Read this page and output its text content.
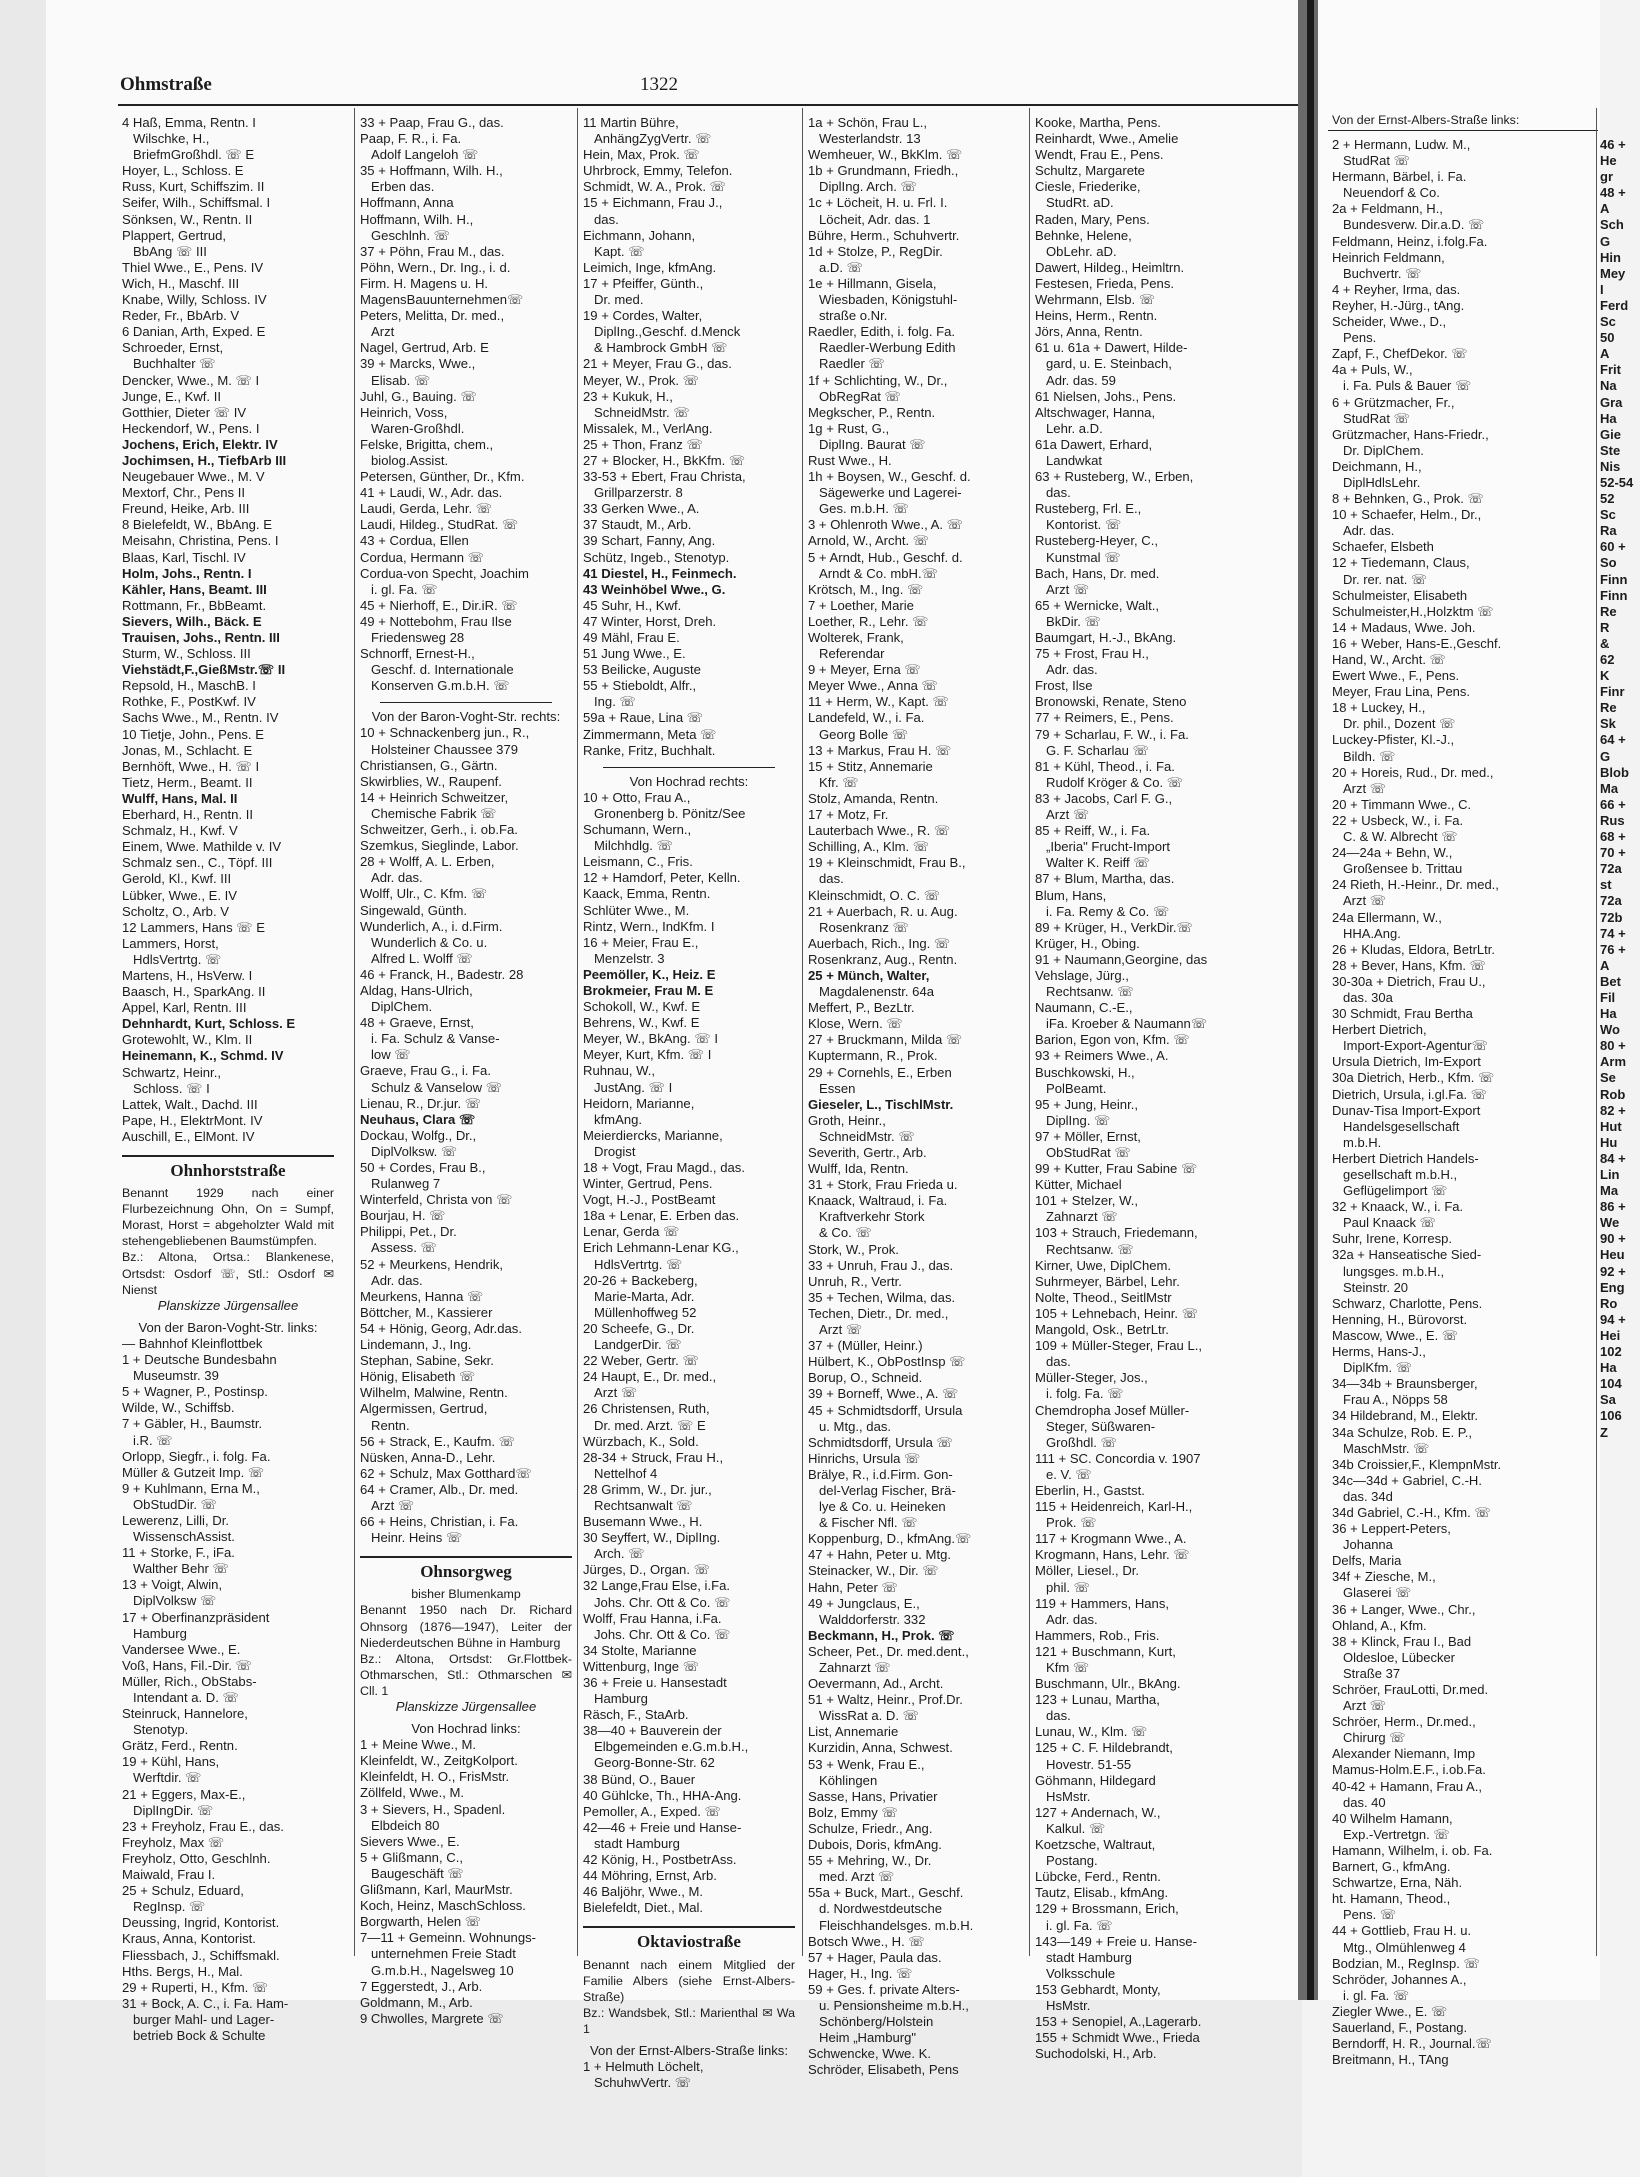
Ohmstraße	1322
4 Haß, Emma, Rentn. I
Wilschke, H.,
BriefmGroßhdl. ☏ E
Hoyer, L., Schloss. E
Russ, Kurt, Schiffszim. II
Seifer, Wilh., Schiffsmal. I
Sönksen, W., Rentn. II
Plappert, Gertrud,
BbAng ☏ III
Thiel Wwe., E., Pens. IV
Wich, H., Maschf. III
Knabe, Willy, Schloss. IV
Reder, Fr., BbArb. V
6 Danian, Arth, Exped. E
Schroeder, Ernst,
Buchhalter ☏
Dencker, Wwe., M. ☏ I
Junge, E., Kwf. II
Gotthier, Dieter ☏ IV
Heckendorf, W., Pens. I
Jochens, Erich, Elektr. IV
Jochimsen, H., TiefbArb III
Neugebauer Wwe., M. V
Mextorf, Chr., Pens II
Freund, Heike, Arb. III
8 Bielefeldt, W., BbAng. E
Meisahn, Christina, Pens. I
Blaas, Karl, Tischl. IV
Holm, Johs., Rentn. I
Kähler, Hans, Beamt. III
Rottmann, Fr., BbBeamt.
Sievers, Wilh., Bäck. E
Trauisen, Johs., Rentn. III
Sturm, W., Schloss. III
Viehstädt,F.,GießMstr.☏ II
Repsold, H., MaschB. I
Rothke, F., PostKwf. IV
Sachs Wwe., M., Rentn. IV
10 Tietje, John., Pens. E
Jonas, M., Schlacht. E
Bernhöft, Wwe., H. ☏ I
Tietz, Herm., Beamt. II
Wulff, Hans, Mal. II
Eberhard, H., Rentn. II
Schmalz, H., Kwf. V
Einem, Wwe. Mathilde v. IV
Schmalz sen., C., Töpf. III
Gerold, Kl., Kwf. III
Lübker, Wwe., E. IV
Scholtz, O., Arb. V
12 Lammers, Hans ☏ E
Lammers, Horst,
HdlsVertrtg. ☏
Martens, H., HsVerw. I
Baasch, H., SparkAng. II
Appel, Karl, Rentn. III
Dehnhardt, Kurt, Schloss. E
Grotewohlt, W., Klm. II
Heinemann, K., Schmd. IV
Schwartz, Heinr.,
Schloss. ☏ I
Lattek, Walt., Dachd. III
Pape, H., ElektrMont. IV
Auschill, E., ElMont. IV
Ohnhorststraße
Benannt 1929 nach einer Flurbezeichnung Ohn, On = Sumpf, Morast, Horst = abgeholzter Wald mit stehengebliebenen Baumstümpfen.
Bz.: Altona, Ortsa.: Blankenese, Ortsdst: Osdorf ☏, Stl.: Osdorf ✉ Nienst
Planskizze Jürgensallee
Von der Baron-Voght-Str. links:
— Bahnhof Kleinflottbek
1 + Deutsche Bundesbahn
Museumstr. 39
5 + Wagner, P., Postinsp.
Wilde, W., Schiffsb.
7 + Gäbler, H., Baumstr.
i.R. ☏
Orlopp, Siegfr., i. folg. Fa.
Müller & Gutzeit Imp. ☏
9 + Kuhlmann, Erna M.,
ObStudDir. ☏
Lewerenz, Lilli, Dr.
WissenschAssist.
11 + Storke, F., iFa.
Walther Behr ☏
13 + Voigt, Alwin,
DiplVolksw ☏
17 + Oberfinanzpräsident
Hamburg
Vandersee Wwe., E.
Voß, Hans, Fil.-Dir. ☏
Müller, Rich., ObStabs-
Intendant a. D. ☏
Steinruck, Hannelore,
Stenotyp.
Grätz, Ferd., Rentn.
19 + Kühl, Hans,
Werftdir. ☏
21 + Eggers, Max-E.,
DiplIngDir. ☏
23 + Freyholz, Frau E., das.
Freyholz, Max ☏
Freyholz, Otto, Geschlnh.
Maiwald, Frau I.
25 + Schulz, Eduard,
RegInsp. ☏
Deussing, Ingrid, Kontorist.
Kraus, Anna, Kontorist.
Fliessbach, J., Schiffsmakl.
Hths. Bergs, H., Mal.
29 + Ruperti, H., Kfm. ☏
31 + Bock, A. C., i. Fa. Ham-
burger Mahl- und Lager-
betrieb Bock & Schulte
33 + Paap, Frau G., das.
Paap, F. R., i. Fa.
Adolf Langeloh ☏
35 + Hoffmann, Wilh. H.,
Erben das.
Hoffmann, Anna
Hoffmann, Wilh. H.,
Geschlnh. ☏
37 + Pöhn, Frau M., das.
Pöhn, Wern., Dr. Ing., i. d.
Firm. H. Magens u. H.
MagensBauunternehmen☏
Peters, Melitta, Dr. med.,
Arzt
Nagel, Gertrud, Arb. E
39 + Marcks, Wwe.,
Elisab. ☏
Juhl, G., Bauing. ☏
Heinrich, Voss,
Waren-Großhdl.
Felske, Brigitta, chem.,
biolog.Assist.
Petersen, Günther, Dr., Kfm.
41 + Laudi, W., Adr. das.
Laudi, Gerda, Lehr. ☏
Laudi, Hildeg., StudRat. ☏
43 + Cordua, Ellen
Cordua, Hermann ☏
Cordua-von Specht, Joachim
i. gl. Fa. ☏
45 + Nierhoff, E., Dir.iR. ☏
49 + Nottebohm, Frau Ilse
Friedensweg 28
Schnorff, Ernest-H.,
Geschf. d. Internationale
Konserven G.m.b.H. ☏
Von der Baron-Voght-Str. rechts:
10 + Schnackenberg jun., R.,
Holsteiner Chaussee 379
Christiansen, G., Gärtn.
Skwirblies, W., Raupenf.
14 + Heinrich Schweitzer,
Chemische Fabrik ☏
Schweitzer, Gerh., i. ob.Fa.
Szemkus, Sieglinde, Labor.
28 + Wolff, A. L. Erben,
Adr. das.
Wolff, Ulr., C. Kfm. ☏
Singewald, Günth.
Wunderlich, A., i. d.Firm.
Wunderlich & Co. u.
Alfred L. Wolff ☏
46 + Franck, H., Badestr. 28
Aldag, Hans-Ulrich,
DiplChem.
48 + Graeve, Ernst,
i. Fa. Schulz & Vanse-
low ☏
Graeve, Frau G., i. Fa.
Schulz & Vanselow ☏
Lienau, R., Dr.jur. ☏
Neuhaus, Clara ☏
Dockau, Wolfg., Dr.,
DiplVolksw. ☏
50 + Cordes, Frau B.,
Rulanweg 7
Winterfeld, Christa von ☏
Bourjau, H. ☏
Philippi, Pet., Dr.
Assess. ☏
52 + Meurkens, Hendrik,
Adr. das.
Meurkens, Hanna ☏
Böttcher, M., Kassierer
54 + Hönig, Georg, Adr.das.
Lindemann, J., Ing.
Stephan, Sabine, Sekr.
Hönig, Elisabeth ☏
Wilhelm, Malwine, Rentn.
Algermissen, Gertrud,
Rentn.
56 + Strack, E., Kaufm. ☏
Nüsken, Anna-D., Lehr.
62 + Schulz, Max Gotthard☏
64 + Cramer, Alb., Dr. med.
Arzt ☏
66 + Heins, Christian, i. Fa.
Heinr. Heins ☏
Ohnsorgweg
bisher Blumenkamp
Benannt 1950 nach Dr. Richard Ohnsorg (1876—1947), Leiter der Niederdeutschen Bühne in Hamburg
Bz.: Altona, Ortsdst: Gr.Flottbek-Othmarschen, Stl.: Othmarschen ✉ Cll. 1
Planskizze Jürgensallee
Von Hochrad links:
1 + Meine Wwe., M.
Kleinfeldt, W., ZeitgKolport.
Kleinfeldt, H. O., FrisMstr.
Zöllfeld, Wwe., M.
3 + Sievers, H., Spadenl.
Elbdeich 80
Sievers Wwe., E.
5 + Glißmann, C.,
Baugeschäft ☏
Glißmann, Karl, MaurMstr.
Koch, Heinz, MaschSchloss.
Borgwarth, Helen ☏
7—11 + Gemeinn. Wohnungs-
unternehmen Freie Stadt
G.m.b.H., Nagelsweg 10
7 Eggerstedt, J., Arb.
Goldmann, M., Arb.
9 Chwolles, Margrete ☏
11 Martin Bühre,
AnhängZygVertr. ☏
Hein, Max, Prok. ☏
Uhrbrock, Emmy, Telefon.
Schmidt, W. A., Prok. ☏
15 + Eichmann, Frau J.,
das.
Eichmann, Johann,
Kapt. ☏
Leimich, Inge, kfmAng.
17 + Pfeiffer, Günth.,
Dr. med.
19 + Cordes, Walter,
DiplIng.,Geschf. d.Menck
& Hambrock GmbH ☏
21 + Meyer, Frau G., das.
Meyer, W., Prok. ☏
23 + Kukuk, H.,
SchneidMstr. ☏
Missalek, M., VerlAng.
25 + Thon, Franz ☏
27 + Blocker, H., BkKfm. ☏
33-53 + Ebert, Frau Christa,
Grillparzerstr. 8
33 Gerken Wwe., A.
37 Staudt, M., Arb.
39 Schart, Fanny, Ang.
Schütz, Ingeb., Stenotyp.
41 Diestel, H., Feinmech.
43 Weinhöbel Wwe., G.
45 Suhr, H., Kwf.
47 Winter, Horst, Dreh.
49 Mähl, Frau E.
51 Jung Wwe., E.
53 Beilicke, Auguste
55 + Stieboldt, Alfr.,
Ing. ☏
59a + Raue, Lina ☏
Zimmermann, Meta ☏
Ranke, Fritz, Buchhalt.
Von Hochrad rechts:
10 + Otto, Frau A.,
Gronenberg b. Pönitz/See
Schumann, Wern.,
Milchhdlg. ☏
Leismann, C., Fris.
12 + Hamdorf, Peter, Kelln.
Kaack, Emma, Rentn.
Schlüter Wwe., M.
Rintz, Wern., IndKfm. I
16 + Meier, Frau E.,
Menzelstr. 3
Peemöller, K., Heiz. E
Brokmeier, Frau M. E
Schokoll, W., Kwf. E
Behrens, W., Kwf. E
Meyer, W., BkAng. ☏ I
Meyer, Kurt, Kfm. ☏ I
Ruhnau, W.,
JustAng. ☏ I
Heidorn, Marianne,
kfmAng.
Meierdiercks, Marianne,
Drogist
18 + Vogt, Frau Magd., das.
Winter, Gertrud, Pens.
Vogt, H.-J., PostBeamt
18a + Lenar, E. Erben das.
Lenar, Gerda ☏
Erich Lehmann-Lenar KG.,
HdlsVertrtg. ☏
20-26 + Backeberg,
Marie-Marta, Adr.
Müllenhoffweg 52
20 Scheefe, G., Dr.
LandgerDir. ☏
22 Weber, Gertr. ☏
24 Haupt, E., Dr. med.,
Arzt ☏
26 Christensen, Ruth,
Dr. med. Arzt. ☏ E
Würzbach, K., Sold.
28-34 + Struck, Frau H.,
Nettelhof 4
28 Grimm, W., Dr. jur.,
Rechtsanwalt ☏
Busemann Wwe., H.
30 Seyffert, W., DiplIng.
Arch. ☏
Jürges, D., Organ. ☏
32 Lange,Frau Else, i.Fa.
Johs. Chr. Ott & Co. ☏
Wolff, Frau Hanna, i.Fa.
Johs. Chr. Ott & Co. ☏
34 Stolte, Marianne
Wittenburg, Inge ☏
36 + Freie u. Hansestadt
Hamburg
Räsch, F., StaArb.
38—40 + Bauverein der
Elbgemeinden e.G.m.b.H.,
Georg-Bonne-Str. 62
38 Bünd, O., Bauer
40 Gühlcke, Th., HHA-Ang.
Pemoller, A., Exped. ☏
42—46 + Freie und Hanse-
stadt Hamburg
42 König, H., PostbetrAss.
44 Möhring, Ernst, Arb.
46 Baljöhr, Wwe., M.
Bielefeldt, Diet., Mal.
Oktaviostraße
Benannt nach einem Mitglied der Familie Albers (siehe Ernst-Albers-Straße)
Bz.: Wandsbek, Stl.: Marienthal ✉ Wa 1
Von der Ernst-Albers-Straße links:
1 + Helmuth Löchelt,
SchuhwVertr. ☏
1a + Schön, Frau L.,
Westerlandstr. 13
Wemheuer, W., BkKlm. ☏
1b + Grundmann, Friedh.,
DiplIng. Arch. ☏
1c + Löcheit, H. u. Frl. I.
Löcheit, Adr. das. 1
Bühre, Herm., Schuhvertr.
1d + Stolze, P., RegDir.
a.D. ☏
1e + Hillmann, Gisela,
Wiesbaden, Königstuhl-
straße o.Nr.
Raedler, Edith, i. folg. Fa.
Raedler-Werbung Edith
Raedler ☏
1f + Schlichting, W., Dr.,
ObRegRat ☏
Megkscher, P., Rentn.
1g + Rust, G.,
DiplIng. Baurat ☏
Rust Wwe., H.
1h + Boysen, W., Geschf. d.
Sägewerke und Lagerei-
Ges. m.b.H. ☏
3 + Ohlenroth Wwe., A. ☏
Arnold, W., Archt. ☏
5 + Arndt, Hub., Geschf. d.
Arndt & Co. mbH.☏
Krötsch, M., Ing. ☏
7 + Loether, Marie
Loether, R., Lehr. ☏
Wolterek, Frank,
Referendar
9 + Meyer, Erna ☏
Meyer Wwe., Anna ☏
11 + Herm, W., Kapt. ☏
Landefeld, W., i. Fa.
Georg Bolle ☏
13 + Markus, Frau H. ☏
15 + Stitz, Annemarie
Kfr. ☏
Stolz, Amanda, Rentn.
17 + Motz, Fr.
Lauterbach Wwe., R. ☏
Schilling, A., Klm. ☏
19 + Kleinschmidt, Frau B.,
das.
Kleinschmidt, O. C. ☏
21 + Auerbach, R. u. Aug.
Rosenkranz ☏
Auerbach, Rich., Ing. ☏
Rosenkranz, Aug., Rentn.
25 + Münch, Walter,
Magdalenenstr. 64a
Meffert, P., BezLtr.
Klose, Wern. ☏
27 + Bruckmann, Milda ☏
Kuptermann, R., Prok.
29 + Cornehls, E., Erben
Essen
Gieseler, L., TischlMstr.
Groth, Heinr.,
SchneidMstr. ☏
Severith, Gertr., Arb.
Wulff, Ida, Rentn.
31 + Stork, Frau Frieda u.
Knaack, Waltraud, i. Fa.
Kraftverkehr Stork
& Co. ☏
Stork, W., Prok.
33 + Unruh, Frau J., das.
Unruh, R., Vertr.
35 + Techen, Wilma, das.
Techen, Dietr., Dr. med.,
Arzt ☏
37 + (Müller, Heinr.)
Hülbert, K., ObPostInsp ☏
Borup, O., Schneid.
39 + Borneff, Wwe., A. ☏
45 + Schmidtsdorff, Ursula
u. Mtg., das.
Schmidtsdorff, Ursula ☏
Hinrichs, Ursula ☏
Brälye, R., i.d.Firm. Gon-
del-Verlag Fischer, Brä-
lye & Co. u. Heineken
& Fischer Nfl. ☏
Koppenburg, D., kfmAng.☏
47 + Hahn, Peter u. Mtg.
Steinacker, W., Dir. ☏
Hahn, Peter ☏
49 + Jungclaus, E.,
Walddorferstr. 332
Beckmann, H., Prok. ☏
Scheer, Pet., Dr. med.dent.,
Zahnarzt ☏
Oevermann, Ad., Archt.
51 + Waltz, Heinr., Prof.Dr.
WissRat a. D. ☏
List, Annemarie
Kurzidin, Anna, Schwest.
53 + Wenk, Frau E.,
Köhlingen
Sasse, Hans, Privatier
Bolz, Emmy ☏
Schulze, Friedr., Ang.
Dubois, Doris, kfmAng.
55 + Mehring, W., Dr.
med. Arzt ☏
55a + Buck, Mart., Geschf.
d. Nordwestdeutsche
Fleischhandelsges. m.b.H.
Botsch Wwe., H. ☏
57 + Hager, Paula das.
Hager, H., Ing. ☏
59 + Ges. f. private Alters-
u. Pensionsheime m.b.H.,
Schönberg/Holstein
Heim „Hamburg"
Schwencke, Wwe. K.
Schröder, Elisabeth, Pens
Kooke, Martha, Pens.
Reinhardt, Wwe., Amelie
Wendt, Frau E., Pens.
Schultz, Margarete
Ciesle, Friederike,
StudRt. aD.
Raden, Mary, Pens.
Behnke, Helene,
ObLehr. aD.
Dawert, Hildeg., Heimltrn.
Festesen, Frieda, Pens.
Wehrmann, Elsb. ☏
Heins, Herm., Rentn.
Jörs, Anna, Rentn.
61 u. 61a + Dawert, Hilde-
gard, u. E. Steinbach,
Adr. das. 59
61 Nielsen, Johs., Pens.
Altschwager, Hanna,
Lehr. a.D.
61a Dawert, Erhard,
Landwkat
63 + Rusteberg, W., Erben,
das.
Rusteberg, Frl. E.,
Kontorist. ☏
Rusteberg-Heyer, C.,
Kunstmal ☏
Bach, Hans, Dr. med.
Arzt ☏
65 + Wernicke, Walt.,
BkDir. ☏
Baumgart, H.-J., BkAng.
75 + Frost, Frau H.,
Adr. das.
Frost, Ilse
Bronowski, Renate, Steno
77 + Reimers, E., Pens.
79 + Scharlau, F. W., i. Fa.
G. F. Scharlau ☏
81 + Kühl, Theod., i. Fa.
Rudolf Kröger & Co. ☏
83 + Jacobs, Carl F. G.,
Arzt ☏
85 + Reiff, W., i. Fa.
„Iberia" Frucht-Import
Walter K. Reiff ☏
87 + Blum, Martha, das.
Blum, Hans,
i. Fa. Remy & Co. ☏
89 + Krüger, H., VerkDir.☏
Krüger, H., Obing.
91 + Naumann,Georgine, das
Vehslage, Jürg.,
Rechtsanw. ☏
Naumann, C.-E.,
iFa. Kroeber & Naumann☏
Barion, Egon von, Kfm. ☏
93 + Reimers Wwe., A.
Buschkowski, H.,
PolBeamt.
95 + Jung, Heinr.,
DiplIng. ☏
97 + Möller, Ernst,
ObStudRat ☏
99 + Kutter, Frau Sabine ☏
Kütter, Michael
101 + Stelzer, W.,
Zahnarzt ☏
103 + Strauch, Friedemann,
Rechtsanw. ☏
Kirner, Uwe, DiplChem.
Suhrmeyer, Bärbel, Lehr.
Nolte, Theod., SeitlMstr
105 + Lehnebach, Heinr. ☏
Mangold, Osk., BetrLtr.
109 + Müller-Steger, Frau L.,
das.
Müller-Steger, Jos.,
i. folg. Fa. ☏
Chemdropha Josef Müller-
Steger, Süßwaren-
Großhdl. ☏
111 + SC. Concordia v. 1907
e. V. ☏
Eberlin, H., Gastst.
115 + Heidenreich, Karl-H.,
Prok. ☏
117 + Krogmann Wwe., A.
Krogmann, Hans, Lehr. ☏
Möller, Liesel., Dr.
phil. ☏
119 + Hammers, Hans,
Adr. das.
Hammers, Rob., Fris.
121 + Buschmann, Kurt,
Kfm ☏
Buschmann, Ulr., BkAng.
123 + Lunau, Martha,
das.
Lunau, W., Klm. ☏
125 + C. F. Hildebrandt,
Hovestr. 51-55
Göhmann, Hildegard
HsMstr.
127 + Andernach, W.,
Kalkul. ☏
Koetzsche, Waltraut,
Postang.
Lübcke, Ferd., Rentn.
Tautz, Elisab., kfmAng.
129 + Brossmann, Erich,
i. gl. Fa. ☏
143—149 + Freie u. Hanse-
stadt Hamburg
Volksschule
153 Gebhardt, Monty,
HsMstr.
153 + Senopiel, A.,Lagerarb.
155 + Schmidt Wwe., Frieda
Suchodolski, H., Arb.
Von der Ernst-Albers-Straße links:
2 + Hermann, Ludw. M.,
StudRat ☏
Hermann, Bärbel, i. Fa.
Neuendorf & Co.
2a + Feldmann, H.,
Bundesverw. Dir.a.D. ☏
Feldmann, Heinz, i.folg.Fa.
Heinrich Feldmann,
Buchvertr. ☏
4 + Reyher, Irma, das.
Reyher, H.-Jürg., tAng.
Scheider, Wwe., D.,
Pens.
Zapf, F., ChefDekor. ☏
4a + Puls, W.,
i. Fa. Puls & Bauer ☏
6 + Grützmacher, Fr.,
StudRat ☏
Grützmacher, Hans-Friedr.,
Dr. DiplChem.
Deichmann, H.,
DiplHdlsLehr.
8 + Behnken, G., Prok. ☏
10 + Schaefer, Helm., Dr.,
Adr. das.
Schaefer, Elsbeth
12 + Tiedemann, Claus,
Dr. rer. nat. ☏
Schulmeister, Elisabeth
Schulmeister,H.,Holzktm ☏
14 + Madaus, Wwe. Joh.
16 + Weber, Hans-E.,Geschf.
Hand, W., Archt. ☏
Ewert Wwe., F., Pens.
Meyer, Frau Lina, Pens.
18 + Luckey, H.,
Dr. phil., Dozent ☏
Luckey-Pfister, Kl.-J.,
Bildh. ☏
20 + Horeis, Rud., Dr. med.,
Arzt ☏
20 + Timmann Wwe., C.
22 + Usbeck, W., i. Fa.
C. & W. Albrecht ☏
24—24a + Behn, W.,
Großensee b. Trittau
24 Rieth, H.-Heinr., Dr. med.,
Arzt ☏
24a Ellermann, W.,
HHA.Ang.
26 + Kludas, Eldora, BetrLtr.
28 + Bever, Hans, Kfm. ☏
30-30a + Dietrich, Frau U.,
das. 30a
30 Schmidt, Frau Bertha
Herbert Dietrich,
Import-Export-Agentur☏
Ursula Dietrich, Im-Export
30a Dietrich, Herb., Kfm. ☏
Dietrich, Ursula, i.gl.Fa. ☏
Dunav-Tisa Import-Export
Handelsgesellschaft
m.b.H.
Herbert Dietrich Handels-
gesellschaft m.b.H.,
Geflügelimport ☏
32 + Knaack, W., i. Fa.
Paul Knaack ☏
Suhr, Irene, Korresp.
32a + Hanseatische Sied-
lungsges. m.b.H.,
Steinstr. 20
Schwarz, Charlotte, Pens.
Henning, H., Bürovorst.
Mascow, Wwe., E. ☏
Herms, Hans-J.,
DiplKfm. ☏
34—34b + Braunsberger,
Frau A., Nöpps 58
34 Hildebrand, M., Elektr.
34a Schulze, Rob. E. P.,
MaschMstr. ☏
34b Croissier,F., KlempnMstr.
34c—34d + Gabriel, C.-H.
das. 34d
34d Gabriel, C.-H., Kfm. ☏
36 + Leppert-Peters,
Johanna
Delfs, Maria
34f + Ziesche, M.,
Glaserei ☏
36 + Langer, Wwe., Chr.,
Ohland, A., Kfm.
38 + Klinck, Frau I., Bad
Oldesloe, Lübecker
Straße 37
Schröer, FrauLotti, Dr.med.
Arzt ☏
Schröer, Herm., Dr.med.,
Chirurg ☏
Alexander Niemann, Imp
Mamus-Holm.E.F., i.ob.Fa.
40-42 + Hamann, Frau A.,
das. 40
40 Wilhelm Hamann,
Exp.-Vertretgn. ☏
Hamann, Wilhelm, i. ob. Fa.
Barnert, G., kfmAng.
Schwartze, Erna, Näh.
ht. Hamann, Theod.,
Pens. ☏
44 + Gottlieb, Frau H. u.
Mtg., Olmühlenweg 4
Bodzian, M., RegInsp. ☏
Schröder, Johannes A.,
i. gl. Fa. ☏
Ziegler Wwe., E. ☏
Sauerland, F., Postang.
Berndorff, H. R., Journal.☏
Breitmann, H., TAng
46 +
He
gr
48 +
A
Sch
G
Hin
Mey
I
Ferd
Sc
50
A
Frit
Na
Gra
Ha
Gie
Ste
Nis
52-54
52
Sc
Ra
60 +
So
Finn
Finn
Re
R
&
62
K
Finr
Re
Sk
64 +
G
Blob
Ma
66 +
Rus
68 +
70 +
72a
st
72a
72b
74 +
76 +
A
Bet
Fil
Ha
Wo
80 +
Arm
Se
Rob
82 +
Hut
Hu
84 +
Lin
Ma
86 +
We
90 +
Heu
92 +
Eng
Ro
94 +
Hei
102
Ha
104
Sa
106
Z
